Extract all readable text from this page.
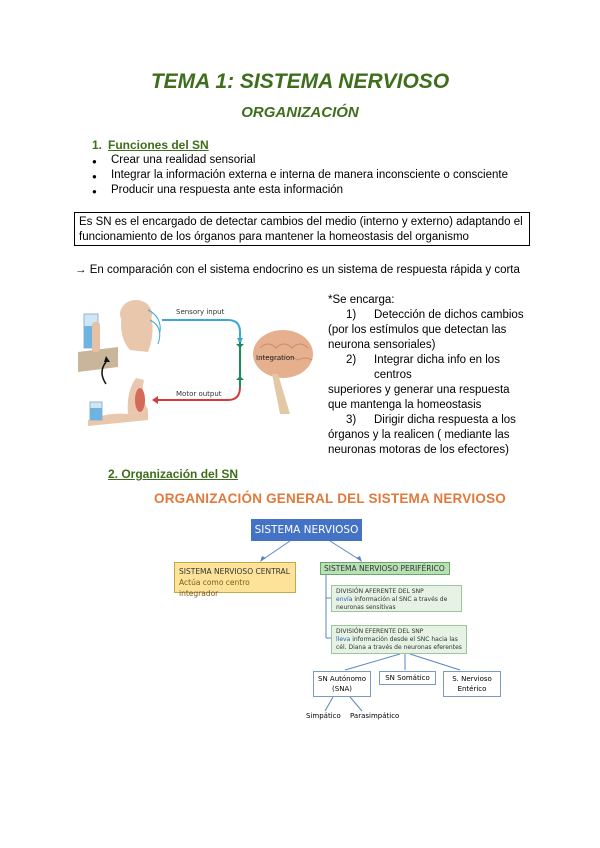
TEMA 1: SISTEMA NERVIOSO
ORGANIZACIÓN
1. Funciones del SN
● Crear una realidad sensorial
● Integrar la información externa e interna de manera inconsciente o consciente
● Producir una respuesta ante esta información
Es SN es el encargado de detectar cambios del medio (interno y externo) adaptando el
funcionamiento de los órganos para mantener la homeostasis del organismo
→ En comparación con el sistema endocrino es un sistema de respuesta rápida y corta
Sensory input
Integration
Motor output
*Se encarga:
1)	Detección de dichos cambios
(por los estímulos que detectan las neurona sensoriales)
2)	Integrar dicha info en los centros
superiores y generar una respuesta que mantenga la homeostasis
3)	Dirigir dicha respuesta a los
órganos y la realicen ( mediante las neuronas motoras de los efectores)
2. Organización del SN
ORGANIZACIÓN GENERAL DEL SISTEMA NERVIOSO
SISTEMA NERVIOSO
SISTEMA NERVIOSO CENTRAL
Actúa como centro integrador
SISTEMA NERVIOSO PERIFÉRICO
DIVISIÓN AFERENTE DEL SNP
envía información al SNC a través de neuronas sensitivas
DIVISIÓN EFERENTE DEL SNP
lleva información desde el SNC hacia las cél. Diana a través de neuronas eferentes
SN Autónomo (SNA)
SN Somático	S. Nervioso Entérico
Simpático Parasimpático
